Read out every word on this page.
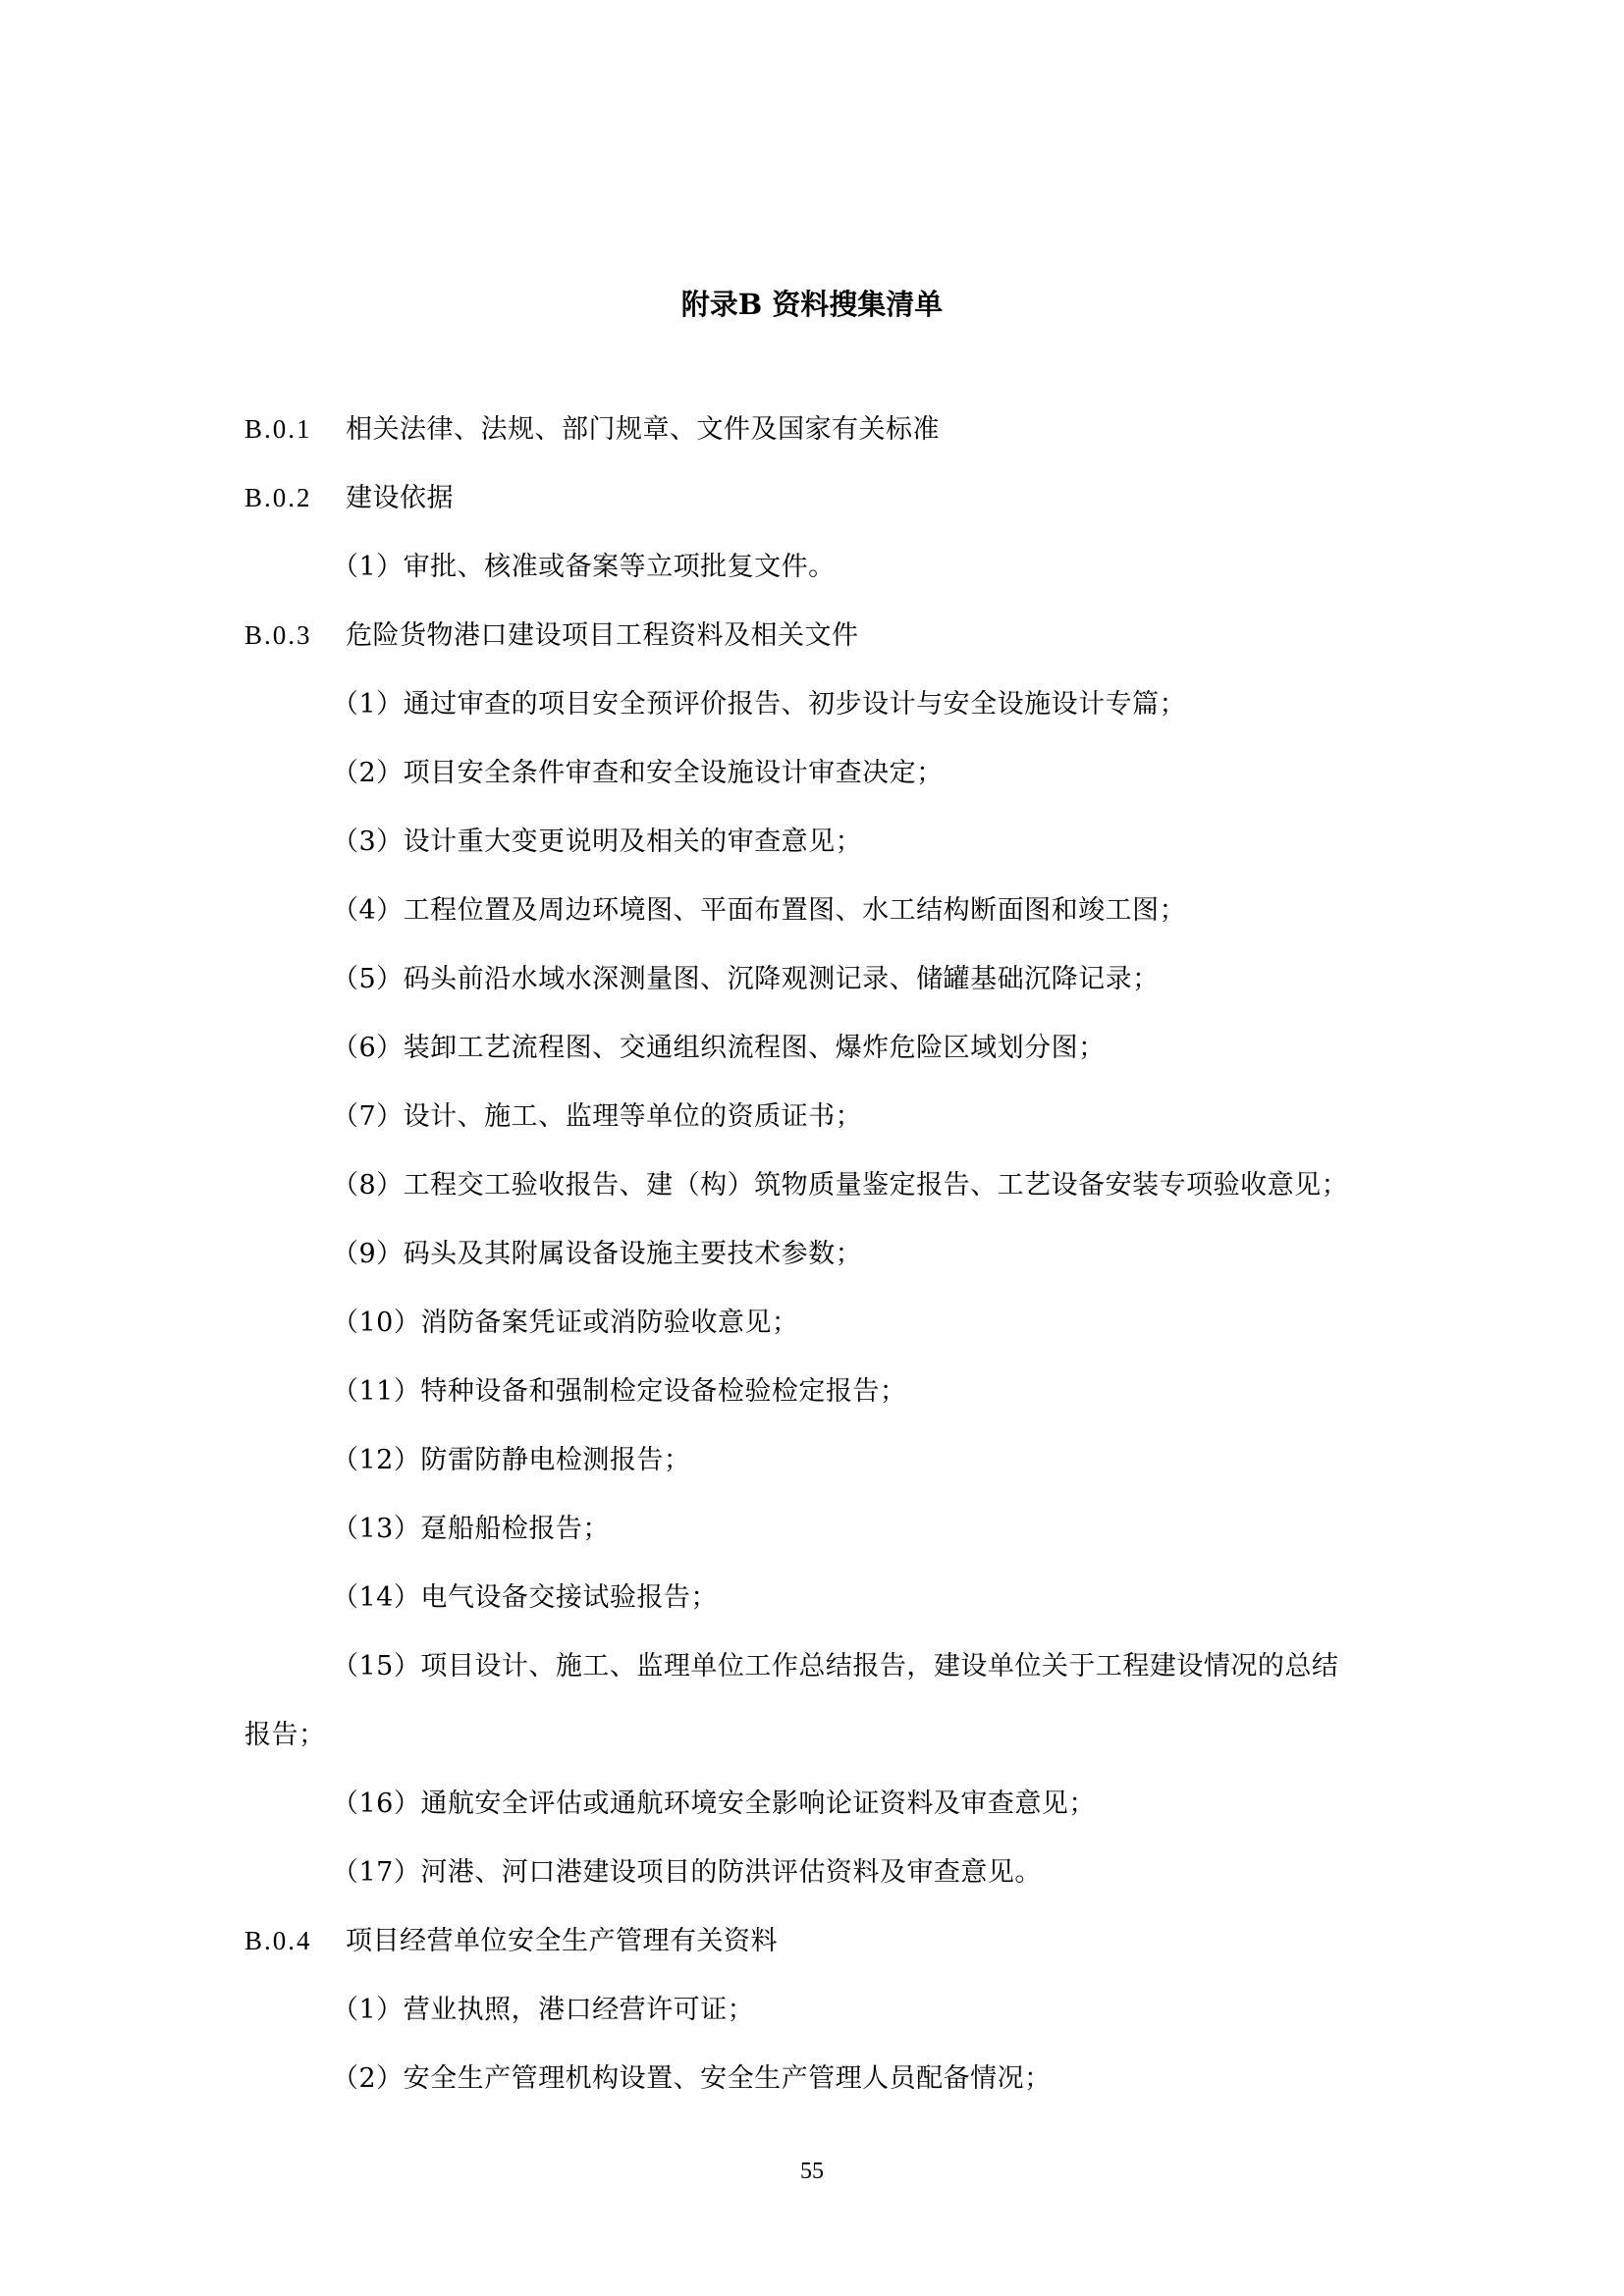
附录B 资料搜集清单
B.0.1 相关法律、法规、部门规章、文件及国家有关标准
B.0.2 建设依据
（1）审批、核准或备案等立项批复文件。
B.0.3 危险货物港口建设项目工程资料及相关文件
（1）通过审查的项目安全预评价报告、初步设计与安全设施设计专篇；
（2）项目安全条件审查和安全设施设计审查决定；
（3）设计重大变更说明及相关的审查意见；
（4）工程位置及周边环境图、平面布置图、水工结构断面图和竣工图；
（5）码头前沿水域水深测量图、沉降观测记录、储罐基础沉降记录；
（6）装卸工艺流程图、交通组织流程图、爆炸危险区域划分图；
（7）设计、施工、监理等单位的资质证书；
（8）工程交工验收报告、建（构）筑物质量鉴定报告、工艺设备安装专项验收意见；
（9）码头及其附属设备设施主要技术参数；
（10）消防备案凭证或消防验收意见；
（11）特种设备和强制检定设备检验检定报告；
（12）防雷防静电检测报告；
（13）趸船船检报告；
（14）电气设备交接试验报告；
（15）项目设计、施工、监理单位工作总结报告，建设单位关于工程建设情况的总结
报告；
（16）通航安全评估或通航环境安全影响论证资料及审查意见；
（17）河港、河口港建设项目的防洪评估资料及审查意见。
B.0.4 项目经营单位安全生产管理有关资料
（1）营业执照，港口经营许可证；
（2）安全生产管理机构设置、安全生产管理人员配备情况；
55
